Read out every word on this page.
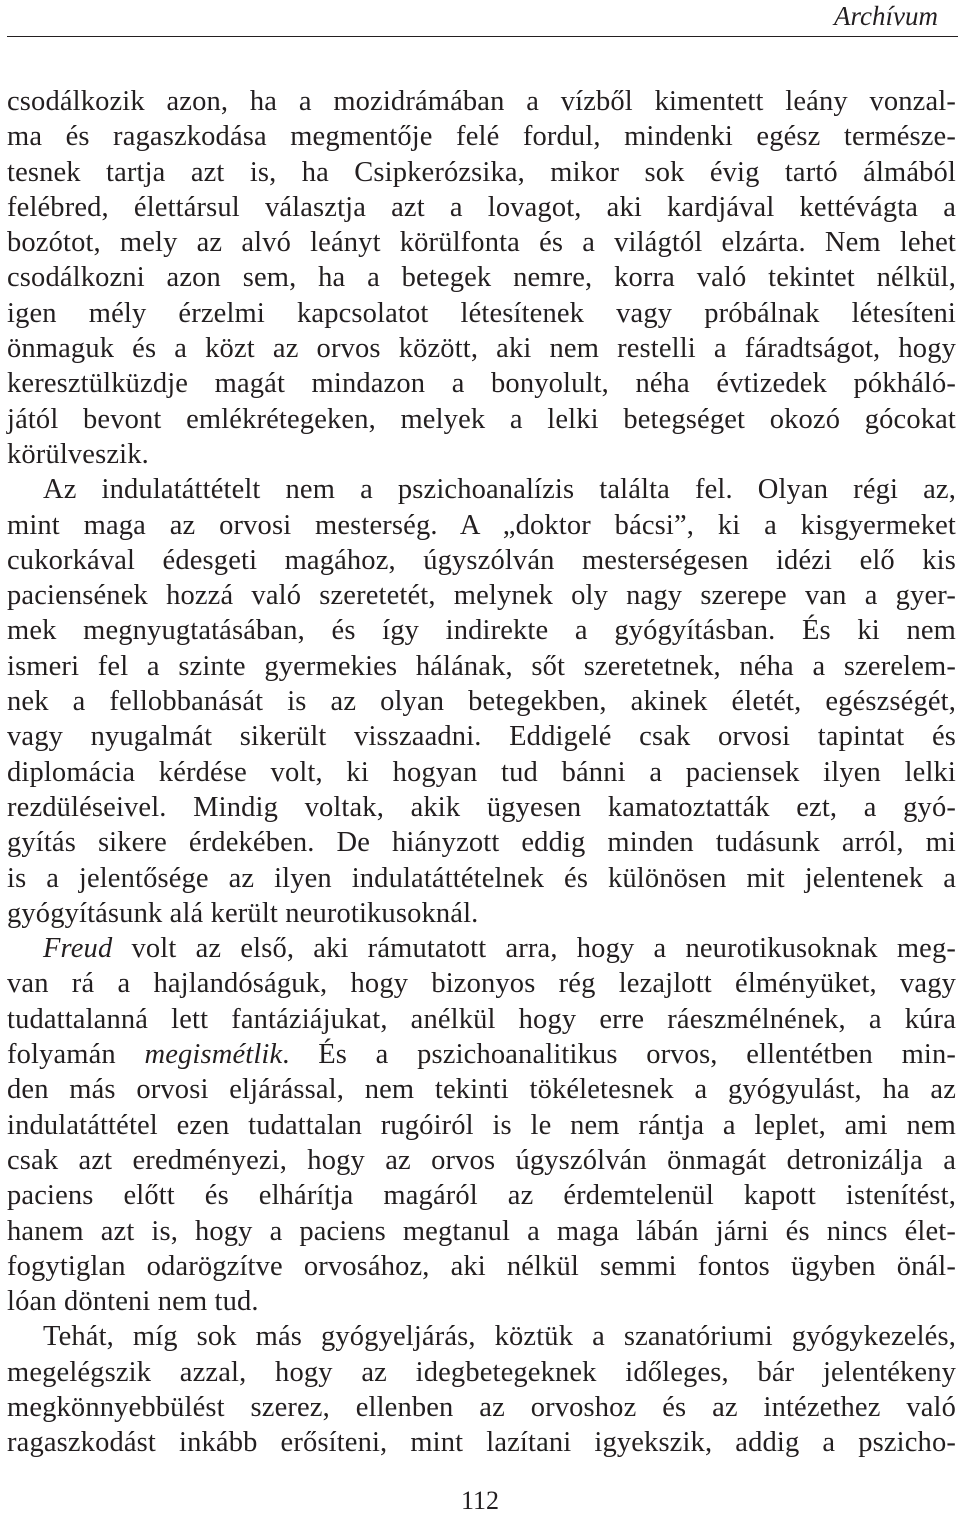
Archívum
csodálkozik azon, ha a mozidrámában a vízből kimentett leány vonzal-
ma és ragaszkodása megmentője felé fordul, mindenki egész természe-
tesnek tartja azt is, ha Csipkerózsika, mikor sok évig tartó álmából
felébred, élettársul választja azt a lovagot, aki kardjával kettévágta a
bozótot, mely az alvó leányt körülfonta és a világtól elzárta. Nem lehet
csodálkozni azon sem, ha a betegek nemre, korra való tekintet nélkül,
igen mély érzelmi kapcsolatot létesítenek vagy próbálnak létesíteni
önmaguk és a közt az orvos között, aki nem restelli a fáradtságot, hogy
keresztülküzdje magát mindazon a bonyolult, néha évtizedek pókháló-
jától bevont emlékrétegeken, melyek a lelki betegséget okozó gócokat
körülveszik.
Az indulatáttételt nem a pszichoanalízis találta fel. Olyan régi az,
mint maga az orvosi mesterség. A „doktor bácsi”, ki a kisgyermeket
cukorkával édesgeti magához, úgyszólván mesterségesen idézi elő kis
paciensének hozzá való szeretetét, melynek oly nagy szerepe van a gyer-
mek megnyugtatásában, és így indirekte a gyógyításban. És ki nem
ismeri fel a szinte gyermekies hálának, sőt szeretetnek, néha a szerelem-
nek a fellobbanását is az olyan betegekben, akinek életét, egészségét,
vagy nyugalmát sikerült visszaadni. Eddigelé csak orvosi tapintat és
diplomácia kérdése volt, ki hogyan tud bánni a paciensek ilyen lelki
rezdüléseivel. Mindig voltak, akik ügyesen kamatoztatták ezt, a gyó-
gyítás sikere érdekében. De hiányzott eddig minden tudásunk arról, mi
is a jelentősége az ilyen indulatáttételnek és különösen mit jelentenek a
gyógyításunk alá került neurotikusoknál.
Freud volt az első, aki rámutatott arra, hogy a neurotikusoknak meg-
van rá a hajlandóságuk, hogy bizonyos rég lezajlott élményüket, vagy
tudattalanná lett fantáziájukat, anélkül hogy erre ráeszmélnének, a kúra
folyamán megismétlik. És a pszichoanalitikus orvos, ellentétben min-
den más orvosi eljárással, nem tekinti tökéletesnek a gyógyulást, ha az
indulatáttétel ezen tudattalan rugóiról is le nem rántja a leplet, ami nem
csak azt eredményezi, hogy az orvos úgyszólván önmagát detronizálja a
paciens előtt és elhárítja magáról az érdemtelenül kapott istenítést,
hanem azt is, hogy a paciens megtanul a maga lábán járni és nincs élet-
fogytiglan odarögzítve orvosához, aki nélkül semmi fontos ügyben önál-
lóan dönteni nem tud.
Tehát, míg sok más gyógyeljárás, köztük a szanatóriumi gyógykezelés,
megelégszik azzal, hogy az idegbetegeknek időleges, bár jelentékeny
megkönnyebbülést szerez, ellenben az orvoshoz és az intézethez való
ragaszkodást inkább erősíteni, mint lazítani igyekszik, addig a pszicho-
112
